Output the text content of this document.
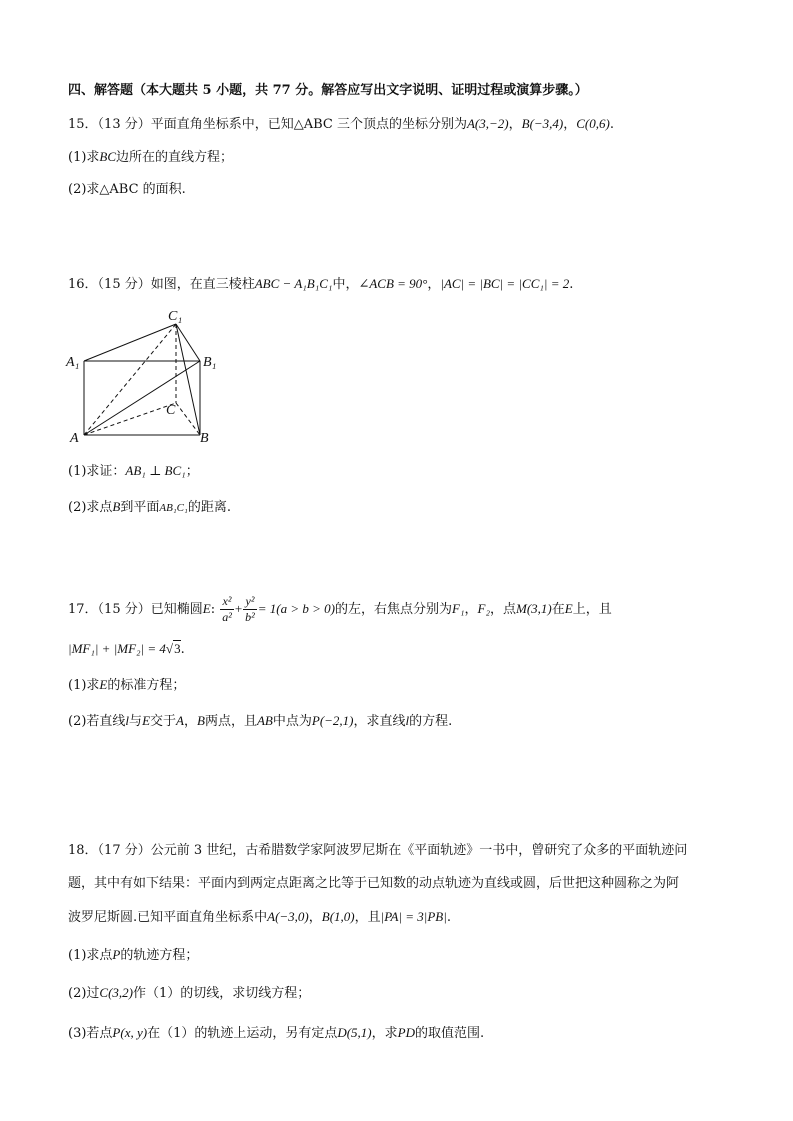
四、解答题（本大题共 5 小题，共 77 分。解答应写出文字说明、证明过程或演算步骤。）
15．（13 分）平面直角坐标系中，已知△ABC 三个顶点的坐标分别为A(3,−2)，B(−3,4)，C(0,6).
(1)求BC边所在的直线方程；
(2)求△ABC 的面积.
16．（15 分）如图，在直三棱柱ABC − A₁B₁C₁中，∠ACB = 90°，|AC| = |BC| = |CC₁| = 2.
C₁
A₁	B₁
C
A	B
(1)求证：AB₁ ⊥ BC₁；
(2)求点B到平面AB₁C₁的距离.
17．（15 分）已知椭圆E: $\frac{\text{x²}}{\text{a²}} + \frac{\text{y²}}{\text{b²}} = 1(a > b > 0)$的左，右焦点分别为F₁，F₂，点M(3,1)在E上，且
|MF₁| + |MF₂| = 4√3.
(1)求E的标准方程；
(2)若直线l与E交于A，B两点，且AB中点为P(−2,1)，求直线l的方程.
18．（17 分）公元前 3 世纪，古希腊数学家阿波罗尼斯在《平面轨迹》一书中，曾研究了众多的平面轨迹问
题，其中有如下结果：平面内到两定点距离之比等于已知数的动点轨迹为直线或圆，后世把这种圆称之为阿
波罗尼斯圆.已知平面直角坐标系中A(−3,0)，B(1,0)，且|PA| = 3|PB|.
(1)求点P的轨迹方程；
(2)过C(3,2)作（1）的切线，求切线方程；
(3)若点P(x, y)在（1）的轨迹上运动，另有定点D(5,1)，求PD的取值范围.
